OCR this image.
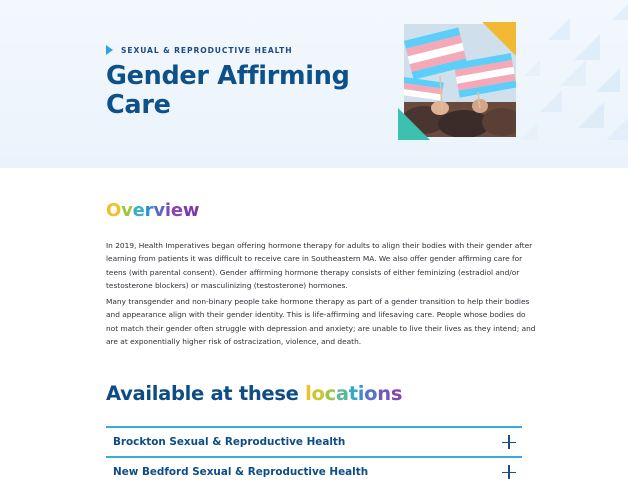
SEXUAL & REPRODUCTIVE HEALTH
Gender Affirming Care
Overview

In 2019, Health Imperatives began offering hormone therapy for adults to align their bodies with their gender after learning from patients it was difficult to receive care in Southeastern MA. We also offer gender affirming care for teens (with parental consent). Gender affirming hormone therapy consists of either feminizing (estradiol and/or testosterone blockers) or masculinizing (testosterone) hormones.

Many transgender and non-binary people take hormone therapy as part of a gender transition to help their bodies and appearance align with their gender identity. This is life-affirming and lifesaving care. People whose bodies do not match their gender often struggle with depression and anxiety; are unable to live their lives as they intend; and are at exponentially higher risk of ostracization, violence, and death.

Available at these locations
Brockton Sexual & Reproductive Health
New Bedford Sexual & Reproductive Health
